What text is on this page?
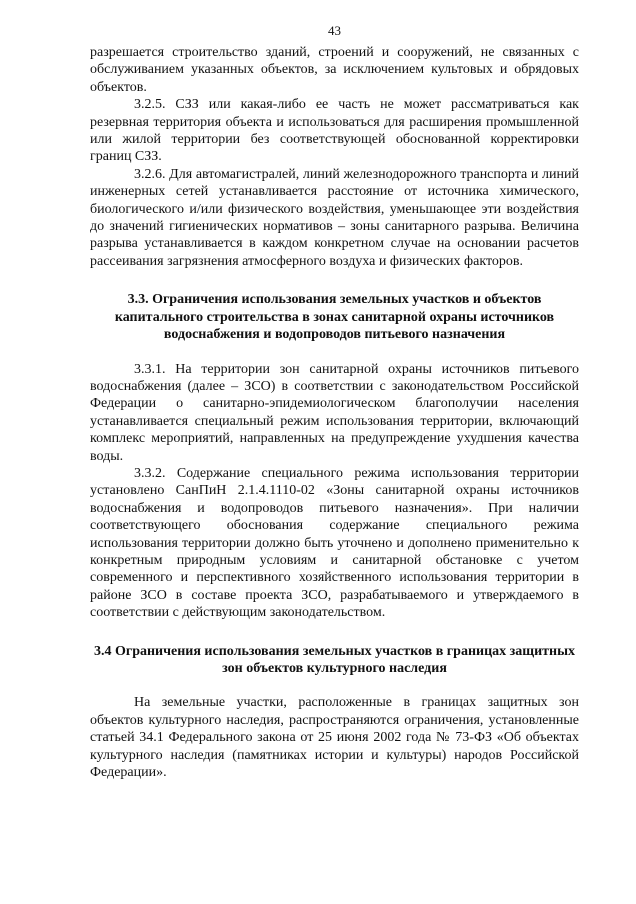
43

разрешается строительство зданий, строений и сооружений, не связанных с обслуживанием указанных объектов, за исключением культовых и обрядовых объектов.

3.2.5. СЗЗ или какая-либо ее часть не может рассматриваться как резервная территория объекта и использоваться для расширения промышленной или жилой территории без соответствующей обоснованной корректировки границ СЗЗ.

3.2.6. Для автомагистралей, линий железнодорожного транспорта и линий инженерных сетей устанавливается расстояние от источника химического, биологического и/или физического воздействия, уменьшающее эти воздействия до значений гигиенических нормативов – зоны санитарного разрыва. Величина разрыва устанавливается в каждом конкретном случае на основании расчетов рассеивания загрязнения атмосферного воздуха и физических факторов.

3.3. Ограничения использования земельных участков и объектов капитального строительства в зонах санитарной охраны источников водоснабжения и водопроводов питьевого назначения

3.3.1. На территории зон санитарной охраны источников питьевого водоснабжения (далее – ЗСО) в соответствии с законодательством Российской Федерации о санитарно-эпидемиологическом благополучии населения устанавливается специальный режим использования территории, включающий комплекс мероприятий, направленных на предупреждение ухудшения качества воды.

3.3.2. Содержание специального режима использования территории установлено СанПиН 2.1.4.1110-02 «Зоны санитарной охраны источников водоснабжения и водопроводов питьевого назначения». При наличии соответствующего обоснования содержание специального режима использования территории должно быть уточнено и дополнено применительно к конкретным природным условиям и санитарной обстановке с учетом современного и перспективного хозяйственного использования территории в районе ЗСО в составе проекта ЗСО, разрабатываемого и утверждаемого в соответствии с действующим законодательством.

3.4 Ограничения использования земельных участков в границах защитных зон объектов культурного наследия

На земельные участки, расположенные в границах защитных зон объектов культурного наследия, распространяются ограничения, установленные статьей 34.1 Федерального закона от 25 июня 2002 года № 73-ФЗ «Об объектах культурного наследия (памятниках истории и культуры) народов Российской Федерации».
